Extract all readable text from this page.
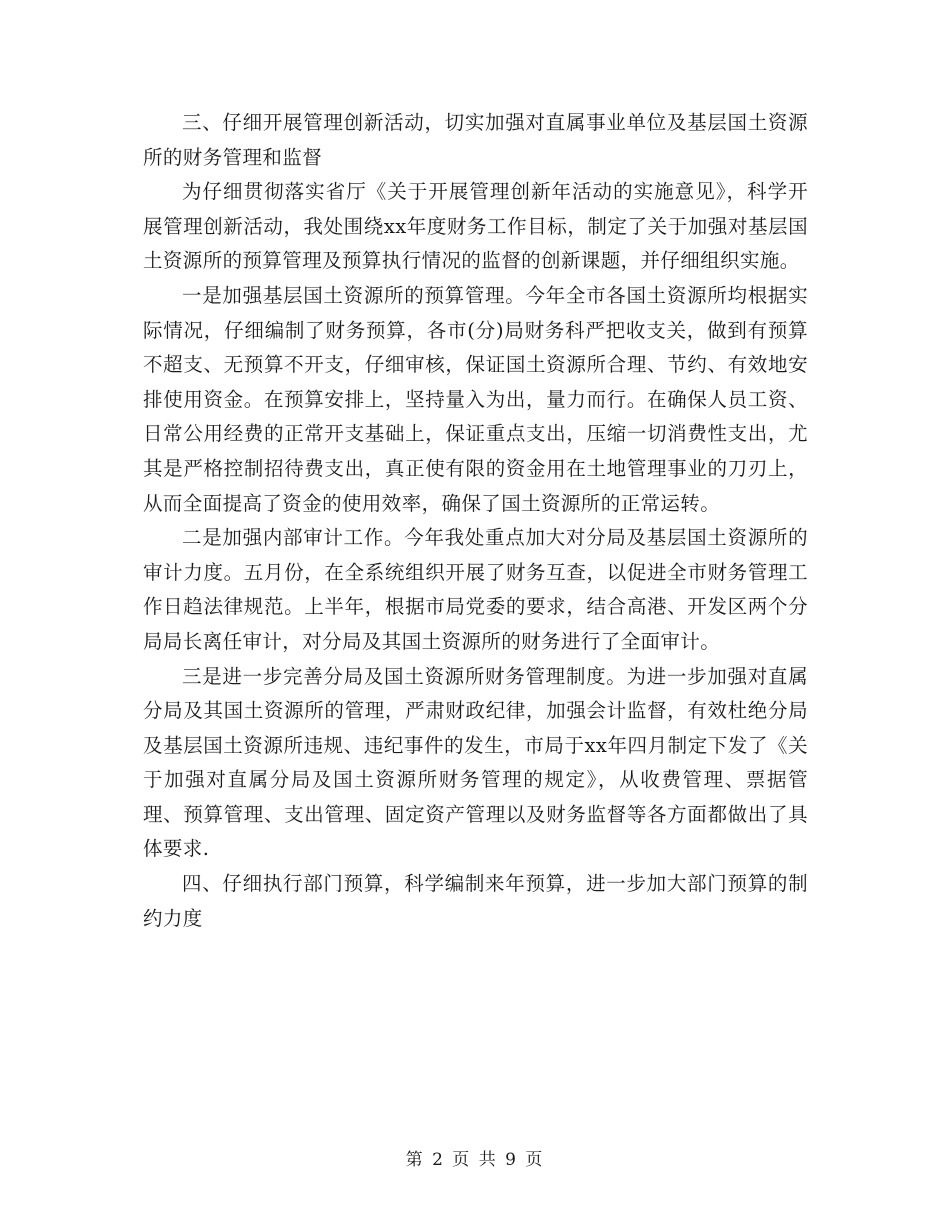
三、仔细开展管理创新活动，切实加强对直属事业单位及基层国土资源所的财务管理和监督

为仔细贯彻落实省厅《关于开展管理创新年活动的实施意见》，科学开展管理创新活动，我处围绕xx年度财务工作目标，制定了关于加强对基层国土资源所的预算管理及预算执行情况的监督的创新课题，并仔细组织实施。

一是加强基层国土资源所的预算管理。今年全市各国土资源所均根据实际情况，仔细编制了财务预算，各市(分)局财务科严把收支关，做到有预算不超支、无预算不开支，仔细审核，保证国土资源所合理、节约、有效地安排使用资金。在预算安排上，坚持量入为出，量力而行。在确保人员工资、日常公用经费的正常开支基础上，保证重点支出，压缩一切消费性支出，尤其是严格控制招待费支出，真正使有限的资金用在土地管理事业的刀刃上，从而全面提高了资金的使用效率，确保了国土资源所的正常运转。

二是加强内部审计工作。今年我处重点加大对分局及基层国土资源所的审计力度。五月份，在全系统组织开展了财务互查，以促进全市财务管理工作日趋法律规范。上半年，根据市局党委的要求，结合高港、开发区两个分局局长离任审计，对分局及其国土资源所的财务进行了全面审计。

三是进一步完善分局及国土资源所财务管理制度。为进一步加强对直属分局及其国土资源所的管理，严肃财政纪律，加强会计监督，有效杜绝分局及基层国土资源所违规、违纪事件的发生，市局于xx年四月制定下发了《关于加强对直属分局及国土资源所财务管理的规定》，从收费管理、票据管理、预算管理、支出管理、固定资产管理以及财务监督等各方面都做出了具体要求.

四、仔细执行部门预算，科学编制来年预算，进一步加大部门预算的制约力度

第 2 页 共 9 页
